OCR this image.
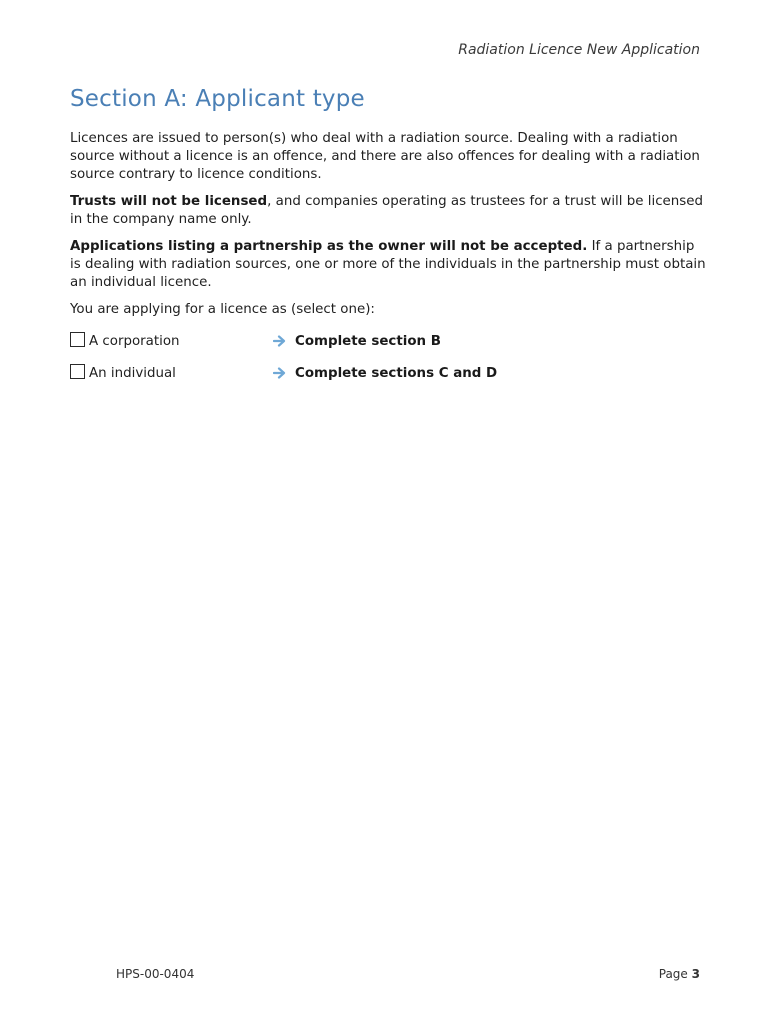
Radiation Licence New Application
Section A: Applicant type

Licences are issued to person(s) who deal with a radiation source. Dealing with a radiation source without a licence is an offence, and there are also offences for dealing with a radiation source contrary to licence conditions.

Trusts will not be licensed, and companies operating as trustees for a trust will be licensed in the company name only.

Applications listing a partnership as the owner will not be accepted. If a partnership is dealing with radiation sources, one or more of the individuals in the partnership must obtain an individual licence.

You are applying for a licence as (select one):

A corporation	Complete section B
An individual	Complete sections C and D
HPS-00-0404	Page 3
